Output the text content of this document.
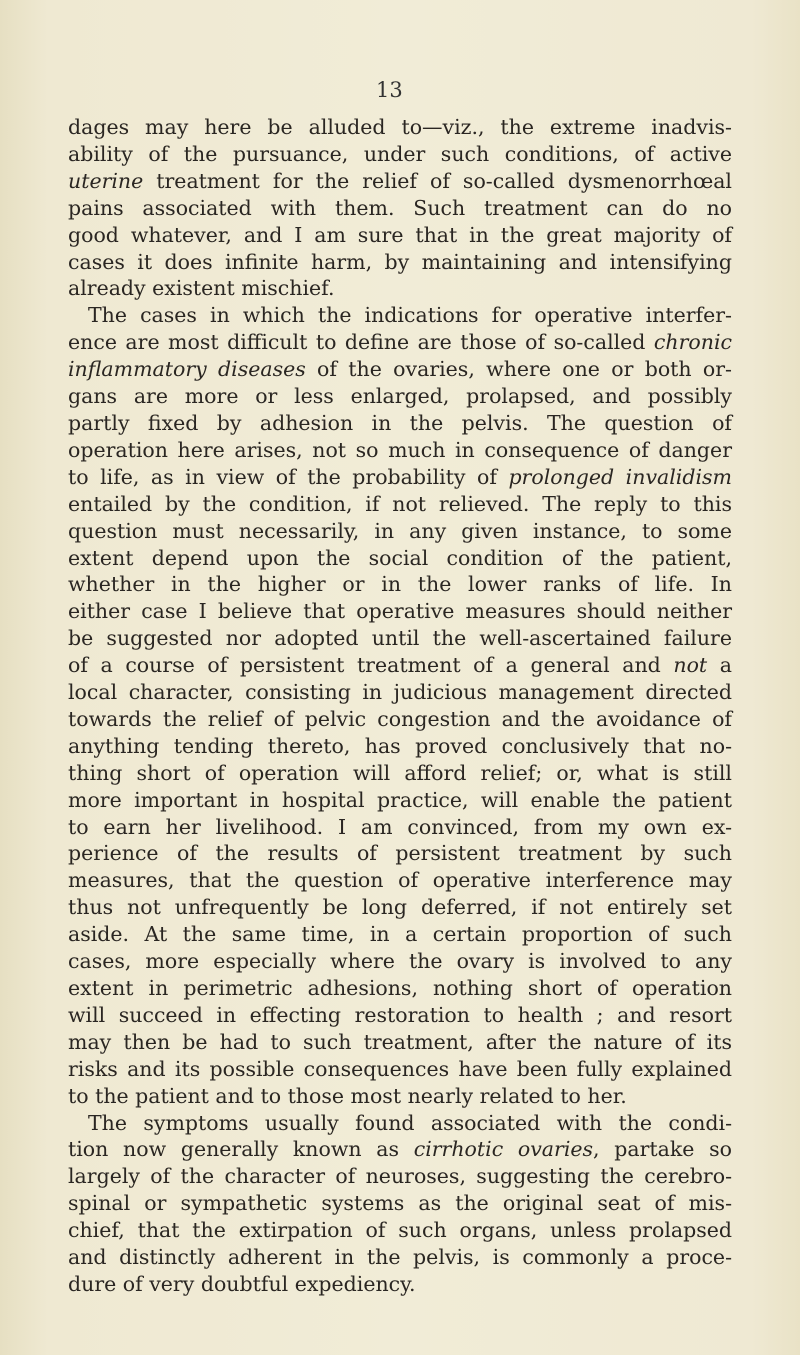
13

dages may here be alluded to—viz., the extreme inadvis-

ability of the pursuance, under such conditions, of active

uterine treatment for the relief of so-called dysmenorrhœal

pains associated with them. Such treatment can do no

good whatever, and I am sure that in the great majority of

cases it does infinite harm, by maintaining and intensifying

already existent mischief.

The cases in which the indications for operative interfer-

ence are most difficult to define are those of so-called chronic

inflammatory diseases of the ovaries, where one or both or-

gans are more or less enlarged, prolapsed, and possibly

partly fixed by adhesion in the pelvis. The question of

operation here arises, not so much in consequence of danger

to life, as in view of the probability of prolonged invalidism

entailed by the condition, if not relieved. The reply to this

question must necessarily, in any given instance, to some

extent depend upon the social condition of the patient,

whether in the higher or in the lower ranks of life. In

either case I believe that operative measures should neither

be suggested nor adopted until the well-ascertained failure

of a course of persistent treatment of a general and not a

local character, consisting in judicious management directed

towards the relief of pelvic congestion and the avoidance of

anything tending thereto, has proved conclusively that no-

thing short of operation will afford relief; or, what is still

more important in hospital practice, will enable the patient

to earn her livelihood. I am convinced, from my own ex-

perience of the results of persistent treatment by such

measures, that the question of operative interference may

thus not unfrequently be long deferred, if not entirely set

aside. At the same time, in a certain proportion of such

cases, more especially where the ovary is involved to any

extent in perimetric adhesions, nothing short of operation

will succeed in effecting restoration to health ; and resort

may then be had to such treatment, after the nature of its

risks and its possible consequences have been fully explained

to the patient and to those most nearly related to her.

The symptoms usually found associated with the condi-

tion now generally known as cirrhotic ovaries, partake so

largely of the character of neuroses, suggesting the cerebro-

spinal or sympathetic systems as the original seat of mis-

chief, that the extirpation of such organs, unless prolapsed

and distinctly adherent in the pelvis, is commonly a proce-

dure of very doubtful expediency.
